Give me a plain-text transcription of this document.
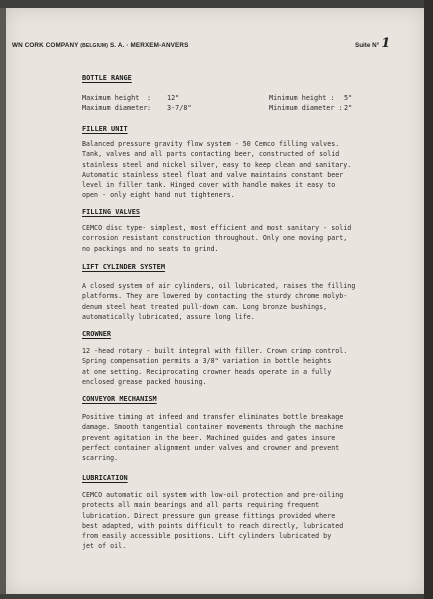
WN CORK COMPANY (BELGIUM) S. A. · MERXEM-ANVERS	Suite N° 1
BOTTLE RANGE
Maximum height : 12"	Minimum height : 5"
Maximum diameter : 3-7/8"	Minimum diameter : 2"
FILLER UNIT
Balanced pressure gravity flow system - 50 Cemco filling valves.
Tank, valves and all parts contacting beer, constructed of solid
stainless steel and nickel silver, easy to keep clean and sanitary.
Automatic stainless steel float and valve maintains constant beer
level in filler tank. Hinged cover with handle makes it easy to
open - only eight hand nut tighteners.
FILLING VALVES
CEMCO disc type- simplest, most efficient and most sanitary - solid
corrosion resistant construction throughout. Only one moving part,
no packings and no seats to grind.
LIFT CYLINDER SYSTEM
A closed system of air cylinders, oil lubricated, raises the filling
platforms. They are lowered by contacting the sturdy chrome molyb-
denum steel heat treated pull-down cam. Long bronze bushings,
automatically lubricated, assure long life.
CROWNER
12 -head rotary - built integral with filler. Crown crimp control.
Spring compensation permits a 3/8" variation in bottle heights
at one setting. Reciprocating crowner heads operate in a fully
enclosed grease packed housing.
CONVEYOR MECHANISM
Positive timing at infeed and transfer eliminates bottle breakage
damage. Smooth tangential container movements through the machine
prevent agitation in the beer. Machined guides and gates insure
perfect container alignment under valves and crowner and prevent
scarring.
LUBRICATION
CEMCO automatic oil system with low-oil protection and pre-oiling
protects all main bearings and all parts requiring frequent
lubrication. Direct pressure gun grease fittings provided where
best adapted, with points difficult to reach directly, lubricated
from easily accessible positions. Lift cylinders lubricated by
jet of oil.
